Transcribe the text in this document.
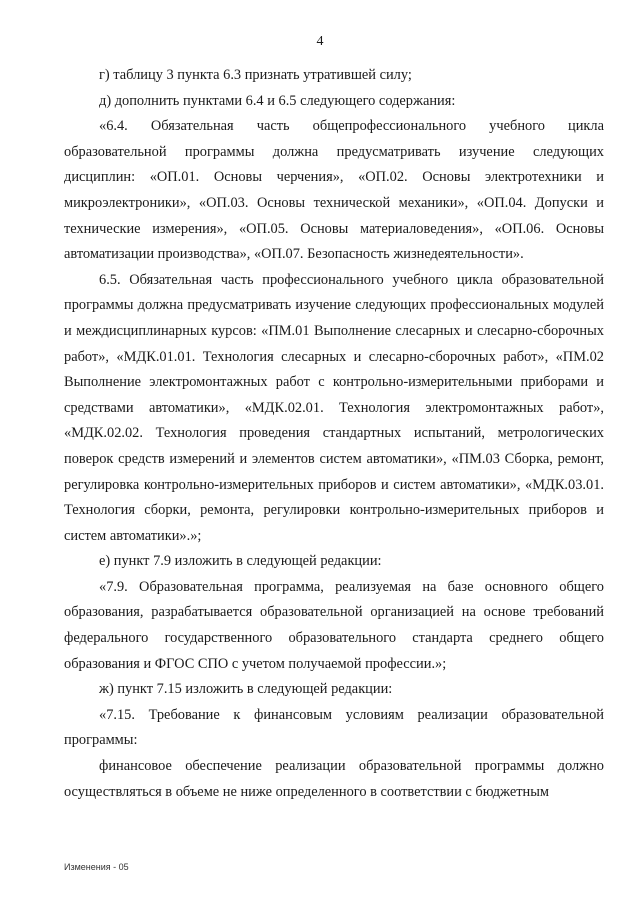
4

г) таблицу 3 пункта 6.3 признать утратившей силу;

д) дополнить пунктами 6.4 и 6.5 следующего содержания:

«6.4. Обязательная часть общепрофессионального учебного цикла образовательной программы должна предусматривать изучение следующих дисциплин: «ОП.01. Основы черчения», «ОП.02. Основы электротехники и микроэлектроники», «ОП.03. Основы технической механики», «ОП.04. Допуски и технические измерения», «ОП.05. Основы материаловедения», «ОП.06. Основы автоматизации производства», «ОП.07. Безопасность жизнедеятельности».

6.5. Обязательная часть профессионального учебного цикла образовательной программы должна предусматривать изучение следующих профессиональных модулей и междисциплинарных курсов: «ПМ.01 Выполнение слесарных и слесарно-сборочных работ», «МДК.01.01. Технология слесарных и слесарно-сборочных работ», «ПМ.02 Выполнение электромонтажных работ с контрольно-измерительными приборами и средствами автоматики», «МДК.02.01. Технология электромонтажных работ», «МДК.02.02. Технология проведения стандартных испытаний, метрологических поверок средств измерений и элементов систем автоматики», «ПМ.03 Сборка, ремонт, регулировка контрольно-измерительных приборов и систем автоматики», «МДК.03.01. Технология сборки, ремонта, регулировки контрольно-измерительных приборов и систем автоматики».»;

е) пункт 7.9 изложить в следующей редакции:

«7.9. Образовательная программа, реализуемая на базе основного общего образования, разрабатывается образовательной организацией на основе требований федерального государственного образовательного стандарта среднего общего образования и ФГОС СПО с учетом получаемой профессии.»;

ж) пункт 7.15 изложить в следующей редакции:

«7.15. Требование к финансовым условиям реализации образовательной программы:

финансовое обеспечение реализации образовательной программы должно осуществляться в объеме не ниже определенного в соответствии с бюджетным

Изменения - 05
